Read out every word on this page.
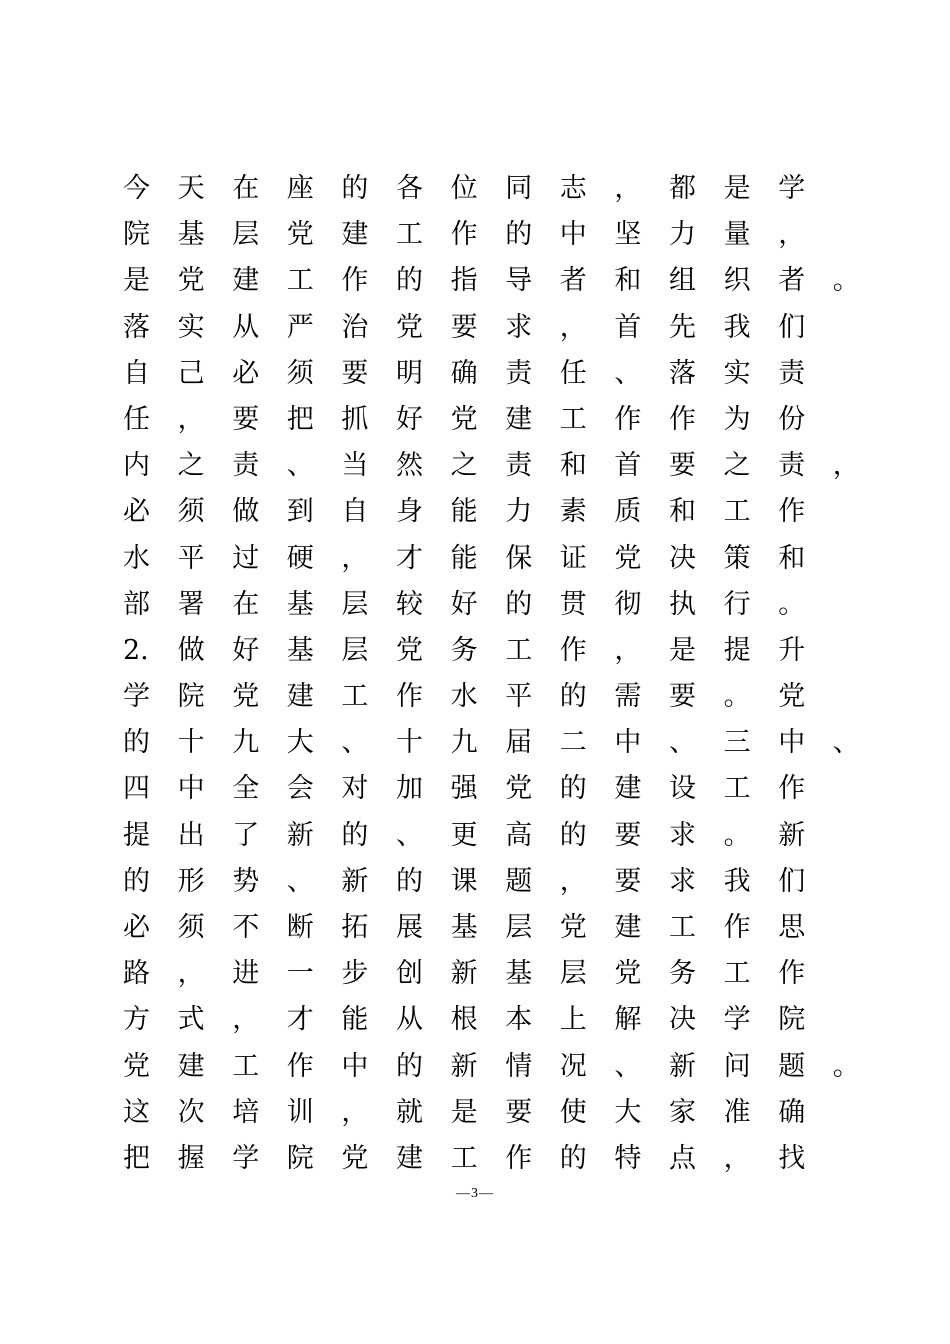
今 天 在 座 的 各 位 同 志 ， 都 是 学
院 基 层 党 建 工 作 的 中 坚 力 量 ，
是 党 建 工 作 的 指 导 者 和 组 织 者 。
落 实 从 严 治 党 要 求 ， 首 先 我 们
自 己 必 须 要 明 确 责 任 、 落 实 责
任 ， 要 把 抓 好 党 建 工 作 作 为 份
内 之 责 、 当 然 之 责 和 首 要 之 责 ，
必 须 做 到 自 身 能 力 素 质 和 工 作
水 平 过 硬 ， 才 能 保 证 党 决 策 和
部 署 在 基 层 较 好 的 贯 彻 执 行 。
2. 做 好 基 层 党 务 工 作 ， 是 提 升
学 院 党 建 工 作 水 平 的 需 要 。 党
的 十 九 大 、 十 九 届 二 中 、 三 中 、
四 中 全 会 对 加 强 党 的 建 设 工 作
提 出 了 新 的 、 更 高 的 要 求 。 新
的 形 势 、 新 的 课 题 ， 要 求 我 们
必 须 不 断 拓 展 基 层 党 建 工 作 思
路 ， 进 一 步 创 新 基 层 党 务 工 作
方 式 ， 才 能 从 根 本 上 解 决 学 院
党 建 工 作 中 的 新 情 况 、 新 问 题 。
这 次 培 训 ， 就 是 要 使 大 家 准 确
把 握 学 院 党 建 工 作 的 特 点 ， 找
—3—
